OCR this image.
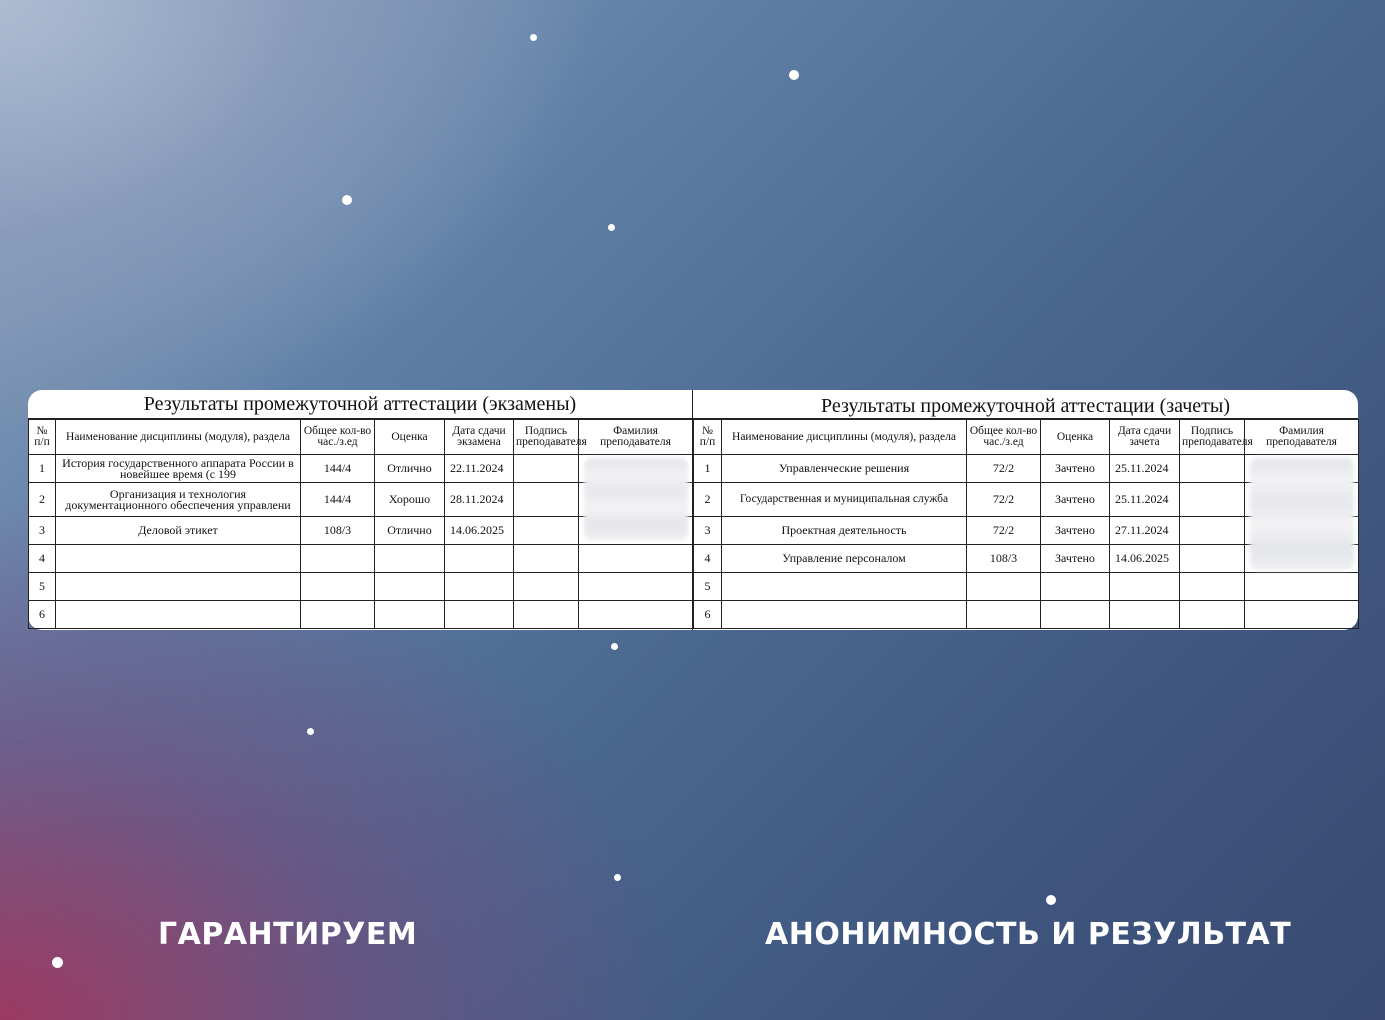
Результаты промежуточной аттестации (экзамены)
№ п/п	Наименование дисциплины (модуля), раздела	Общее кол-во час./з.ед	Оценка	Дата сдачи экзамена	Подпись преподавателя	Фамилия преподавателя
1	История государственного аппарата России в новейшее время (с 199	144/4	Отлично	22.11.2024		
2	Организация и технология документационного обеспечения управлени	144/4	Хорошо	28.11.2024		
3	Деловой этикет	108/3	Отлично	14.06.2025		
4						
5						
6						
Результаты промежуточной аттестации (зачеты)
№ п/п	Наименование дисциплины (модуля), раздела	Общее кол-во час./з.ед	Оценка	Дата сдачи зачета	Подпись преподавателя	Фамилия преподавателя
1	Управленческие решения	72/2	Зачтено	25.11.2024		
2	Государственная и муниципальная служба	72/2	Зачтено	25.11.2024		
3	Проектная деятельность	72/2	Зачтено	27.11.2024		
4	Управление персоналом	108/3	Зачтено	14.06.2025		
5						
6						
ГАРАНТИРУЕМ	АНОНИМНОСТЬ И РЕЗУЛЬТАТ
